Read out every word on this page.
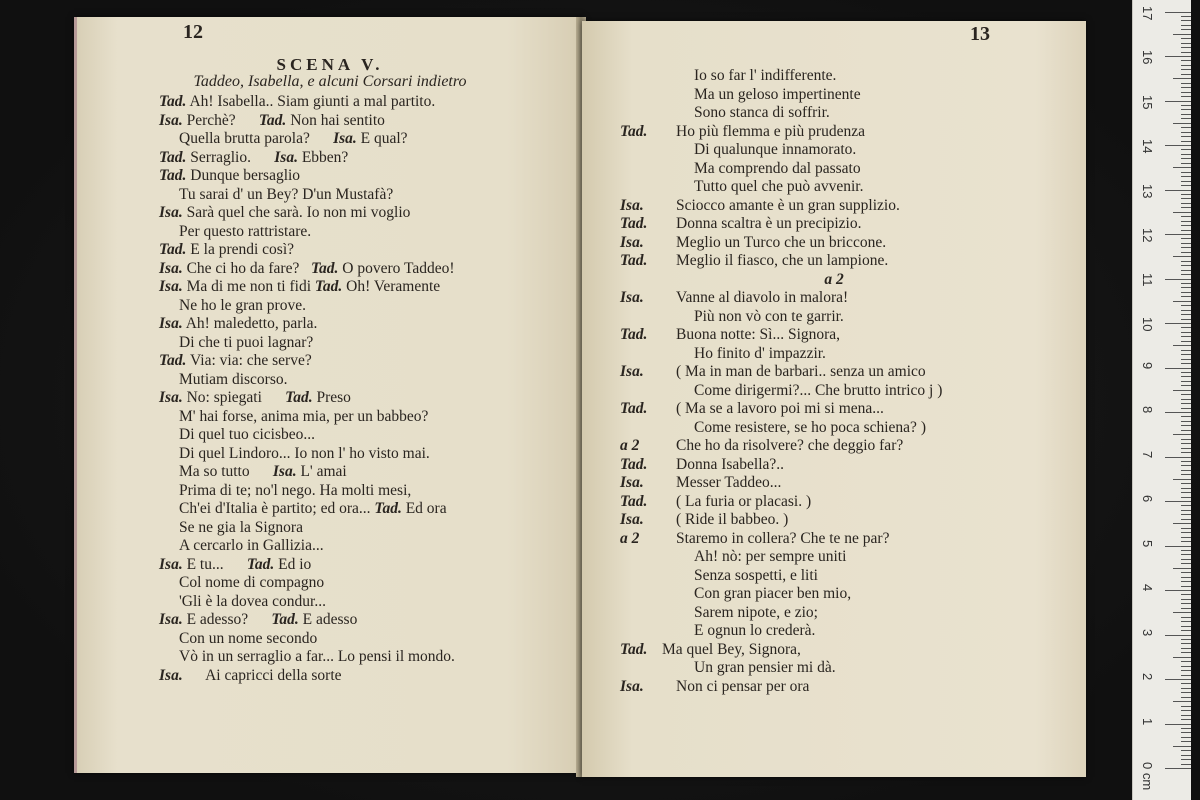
12
SCENA V.
Taddeo, Isabella, e alcuni Corsari indietro
Tad. Ah! Isabella.. Siam giunti a mal partito.
Isa. Perchè?      Tad. Non hai sentito
Quella brutta parola?      Isa. E qual?
Tad. Serraglio.      Isa. Ebben?
Tad. Dunque bersaglio
Tu sarai d' un Bey? D'un Mustafà?
Isa. Sarà quel che sarà. Io non mi voglio
Per questo rattristare.
Tad. E la prendi così?
Isa. Che ci ho da fare?   Tad. O povero Taddeo!
Isa. Ma di me non ti fidi Tad. Oh! Veramente
Ne ho le gran prove.
Isa. Ah! maledetto, parla.
Di che ti puoi lagnar?
Tad. Via: via: che serve?
Mutiam discorso.
Isa. No: spiegati      Tad. Preso
M' hai forse, anima mia, per un babbeo?
Di quel tuo cicisbeo...
Di quel Lindoro... Io non l' ho visto mai.
Ma so tutto      Isa. L' amai
Prima di te; no'l nego. Ha molti mesi,
Ch'ei d'Italia è partito; ed ora... Tad. Ed ora
Se ne gia la Signora
A cercarlo in Gallizia...
Isa. E tu...      Tad. Ed io
Col nome di compagno
'Gli è la dovea condur...
Isa. E adesso?      Tad. E adesso
Con un nome secondo
Vò in un serraglio a far... Lo pensi il mondo.
Isa.      Ai capricci della sorte
13
Io so far l' indifferente.
Ma un geloso impertinente
Sono stanca di soffrir.
Tad. Ho più flemma e più prudenza
Di qualunque innamorato.
Ma comprendo dal passato
Tutto quel che può avvenir.
Isa. Sciocco amante è un gran supplizio.
Tad. Donna scaltra è un precipizio.
Isa. Meglio un Turco che un briccone.
Tad. Meglio il fiasco, che un lampione.
a 2
Isa. Vanne al diavolo in malora!
Più non vò con te garrir.
Tad. Buona notte: Sì... Signora,
Ho finito d' impazzir.
Isa. ( Ma in man de barbari.. senza un amico
Come dirigermi?... Che brutto intrico j )
Tad. ( Ma se a lavoro poi mi si mena...
Come resistere, se ho poca schiena? )
a 2 Che ho da risolvere? che deggio far?
Tad. Donna Isabella?..
Isa. Messer Taddeo...
Tad. ( La furia or placasi. )
Isa. ( Ride il babbeo. )
a 2 Staremo in collera? Che te ne par?
Ah! nò: per sempre uniti
Senza sospetti, e liti
Con gran piacer ben mio,
Sarem nipote, e zio;
E ognun lo crederà.
Tad. Ma quel Bey, Signora,
Un gran pensier mi dà.
Isa. Non ci pensar per ora
0 cm
1
2
3
4
5
6
7
8
9
10
11
12
13
14
15
16
17
